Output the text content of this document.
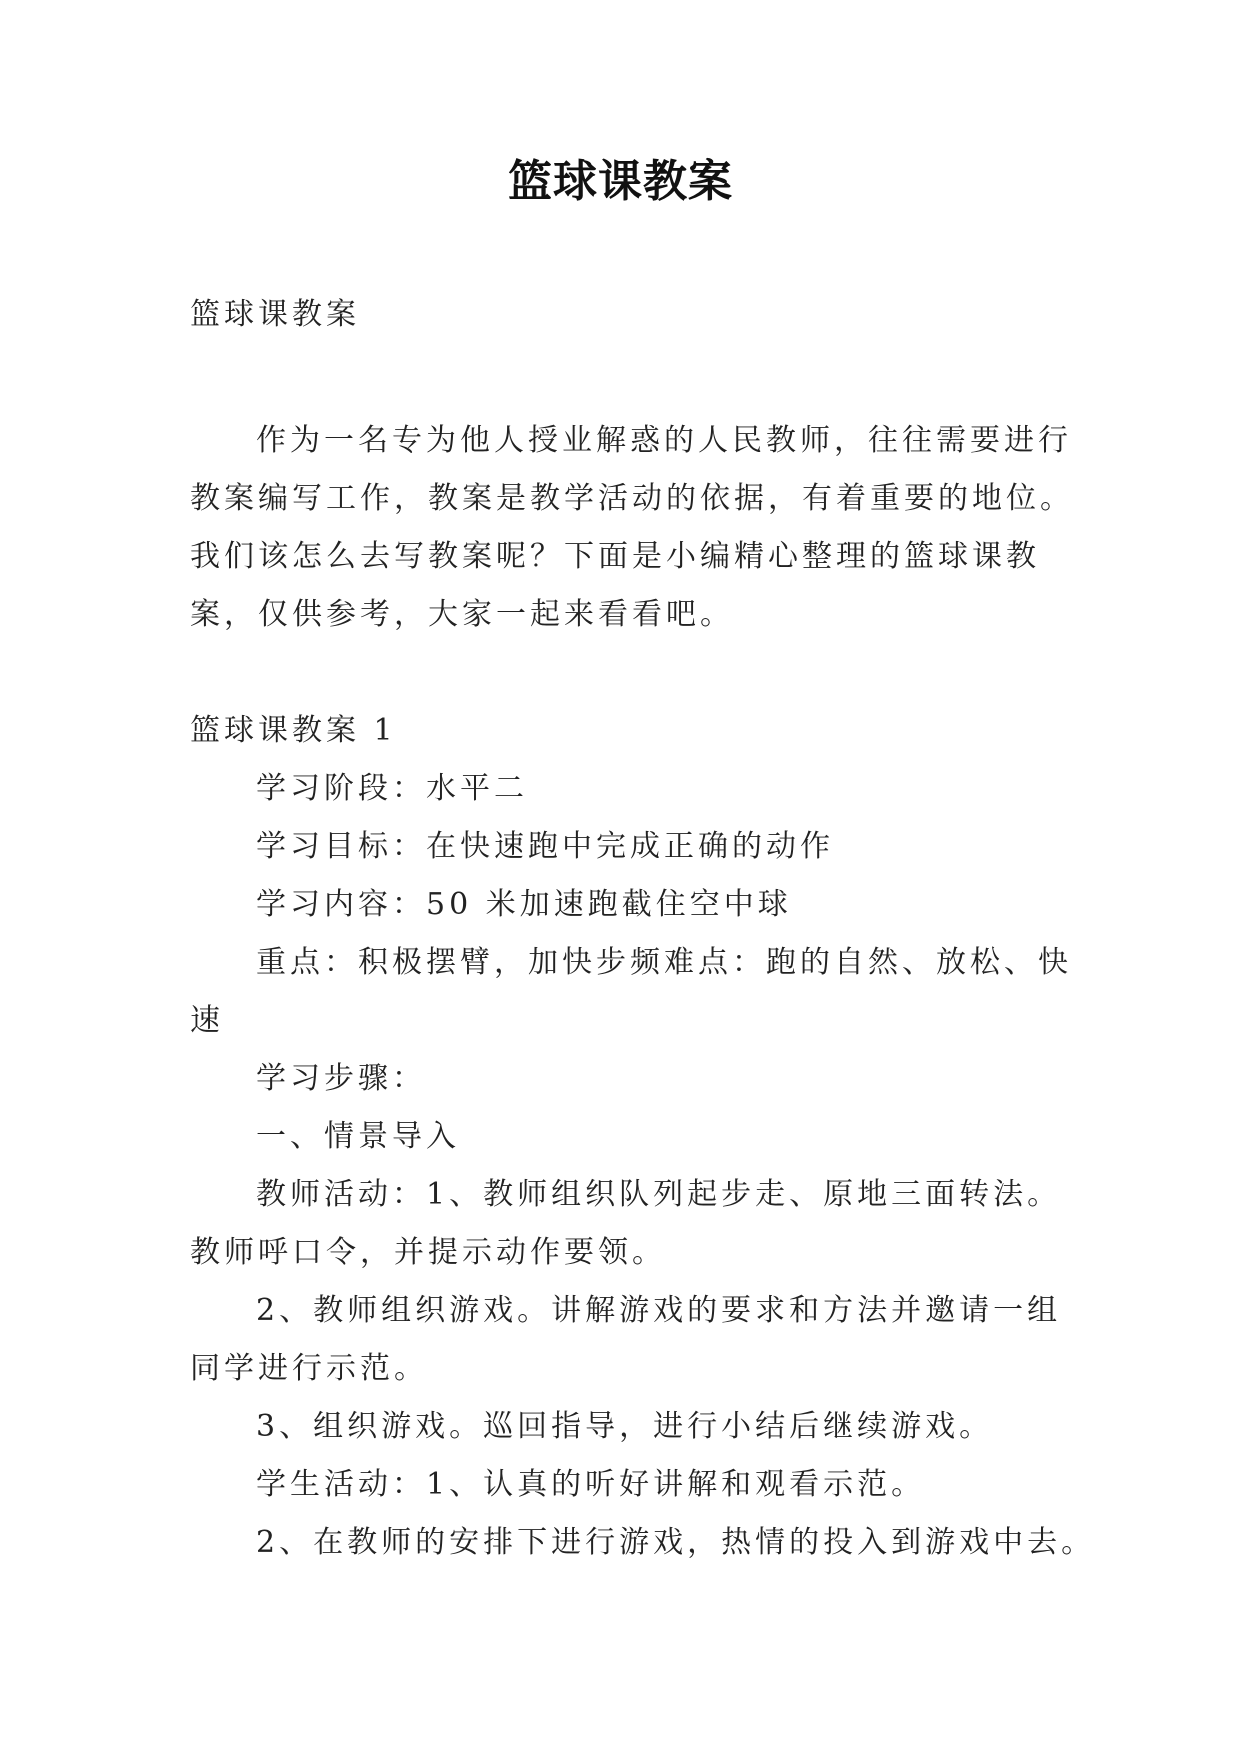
篮球课教案

篮球课教案

作为一名专为他人授业解惑的人民教师，往往需要进行

教案编写工作，教案是教学活动的依据，有着重要的地位。

我们该怎么去写教案呢？下面是小编精心整理的篮球课教

案，仅供参考，大家一起来看看吧。

篮球课教案 1

学习阶段：水平二

学习目标：在快速跑中完成正确的动作

学习内容：50 米加速跑截住空中球

重点：积极摆臂，加快步频难点：跑的自然、放松、快

速

学习步骤：

一、情景导入

教师活动：1、教师组织队列起步走、原地三面转法。

教师呼口令，并提示动作要领。

2、教师组织游戏。讲解游戏的要求和方法并邀请一组

同学进行示范。

3、组织游戏。巡回指导，进行小结后继续游戏。

学生活动：1、认真的听好讲解和观看示范。

2、在教师的安排下进行游戏，热情的投入到游戏中去。
